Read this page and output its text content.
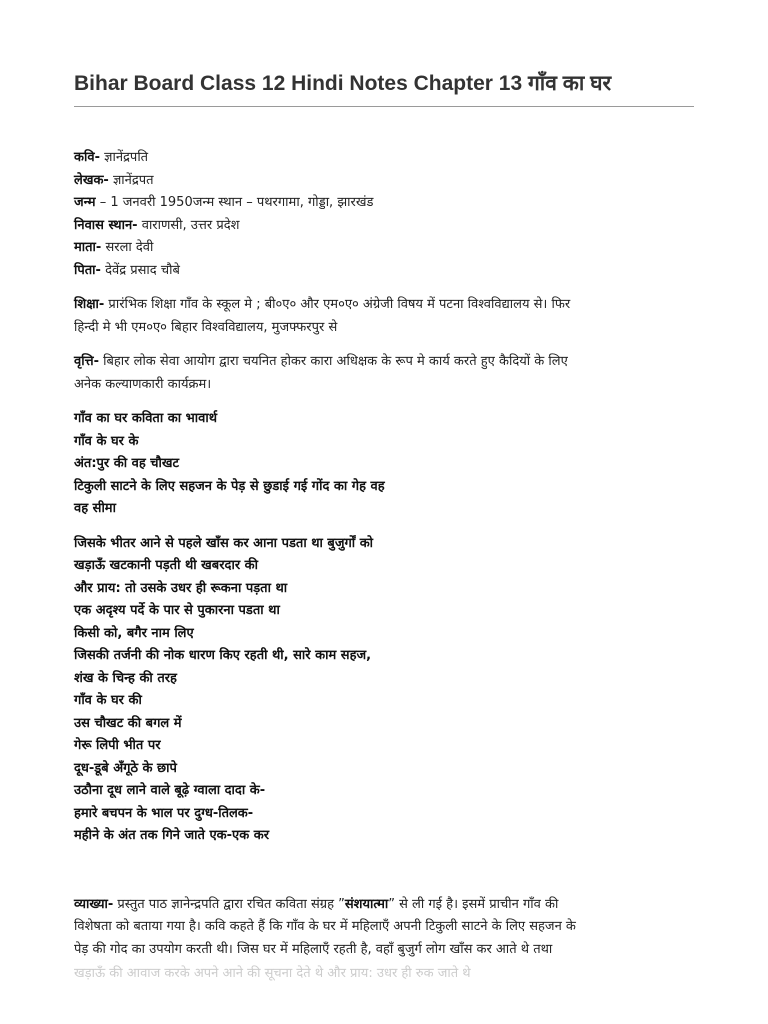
Bihar Board Class 12 Hindi Notes Chapter 13 गाँव का घर
कवि- ज्ञानेंद्रपति
लेखक- ज्ञानेंद्रपत
जन्म – 1 जनवरी 1950जन्म स्थान – पथरगामा, गोड्डा, झारखंड
निवास स्थान- वाराणसी, उत्तर प्रदेश
माता- सरला देवी
पिता- देवेंद्र प्रसाद चौबे
शिक्षा- प्रारंभिक शिक्षा गाँव के स्कूल मे ; बी०ए० और एम०ए० अंग्रेजी विषय में पटना विश्वविद्यालय से। फिर
हिन्दी मे भी एम०ए० बिहार विश्वविद्यालय, मुजफ्फरपुर से
वृत्ति- बिहार लोक सेवा आयोग द्वारा चयनित होकर कारा अधिक्षक के रूप मे कार्य करते हुए कैदियों के लिए
अनेक कल्याणकारी कार्यक्रम।
गाँव का घर कविता का भावार्थ
गाँव के घर के
अंत:पुर की वह चौखट
टिकुली साटने के लिए सहजन के पेड़ से छुडाई गई गोंद का गेह वह
वह सीमा
जिसके भीतर आने से पहले खाँस कर आना पडता था बुजुर्गों को
खड़ाऊँ खटकानी पड़ती थी खबरदार की
और प्राय: तो उसके उधर ही रूकना पड़ता था
एक अदृश्य पर्दे के पार से पुकारना पडता था
किसी को, बगैर नाम लिए
जिसकी तर्जनी की नोक धारण किए रहती थी, सारे काम सहज,
शंख के चिन्ह की तरह
गाँव के घर की
उस चौखट की बगल में
गेरू लिपी भीत पर
दूध-डूबे अँगूठे के छापे
उठौना दूध लाने वाले बूढ़े ग्वाला दादा के-
हमारे बचपन के भाल पर दुग्ध-तिलक-
महीने के अंत तक गिने जाते एक-एक कर
व्याख्या- प्रस्तुत पाठ ज्ञानेन्द्रपति द्वारा रचित कविता संग्रह ”संशयात्मा” से ली गई है। इसमें प्राचीन गाँव की
विशेषता को बताया गया है। कवि कहते हैं कि गाँव के घर में महिलाएँ अपनी टिकुली साटने के लिए सहजन के
पेड़ की गोद का उपयोग करती थी। जिस घर में महिलाएँ रहती है, वहाँ बुजुर्ग लोग खाँस कर आते थे तथा
खड़ाऊँ की आवाज करके अपने आने की सूचना देते थे और प्राय: उधर ही रुक जाते थे
